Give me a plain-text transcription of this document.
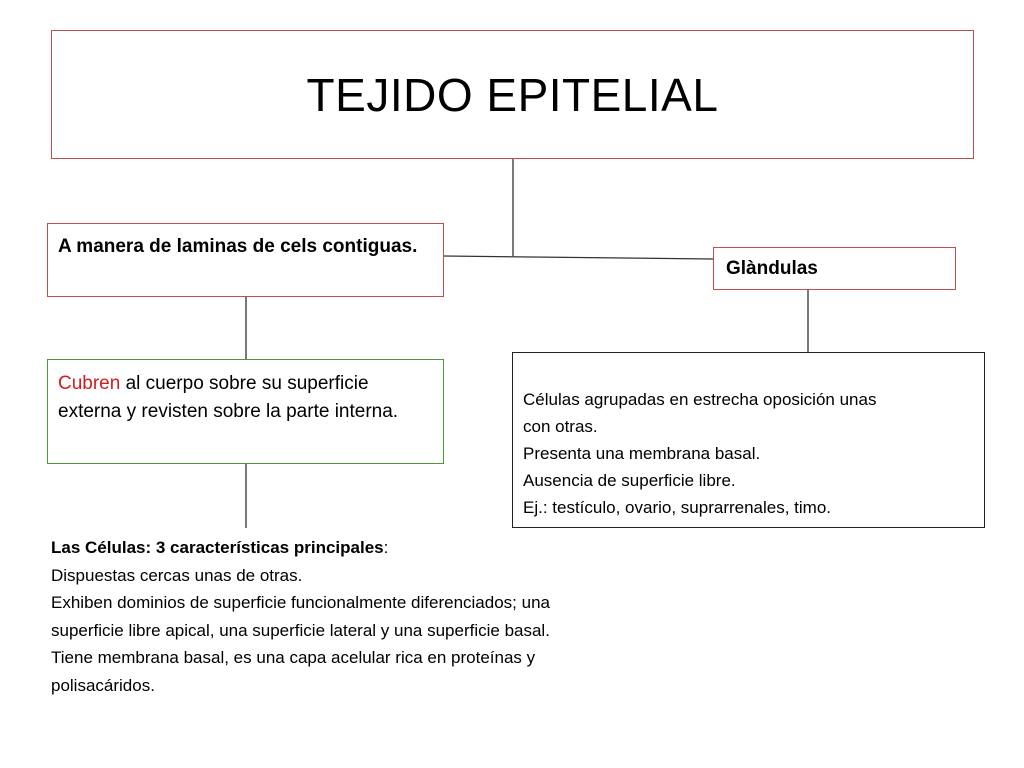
TEJIDO EPITELIAL
A manera de laminas de cels contiguas.
Glàndulas
Cubren al cuerpo sobre su superficie externa y revisten sobre la parte interna.
Células agrupadas en estrecha oposición unas
con otras.
Presenta una membrana basal.
Ausencia de superficie libre.
Ej.: testículo, ovario, suprarrenales, timo.
Las Células: 3 características principales:
Dispuestas cercas unas de otras.
Exhiben dominios de superficie funcionalmente diferenciados; una
superficie libre apical, una superficie lateral y una superficie basal.
Tiene membrana basal, es una capa acelular rica en proteínas y
polisacáridos.
